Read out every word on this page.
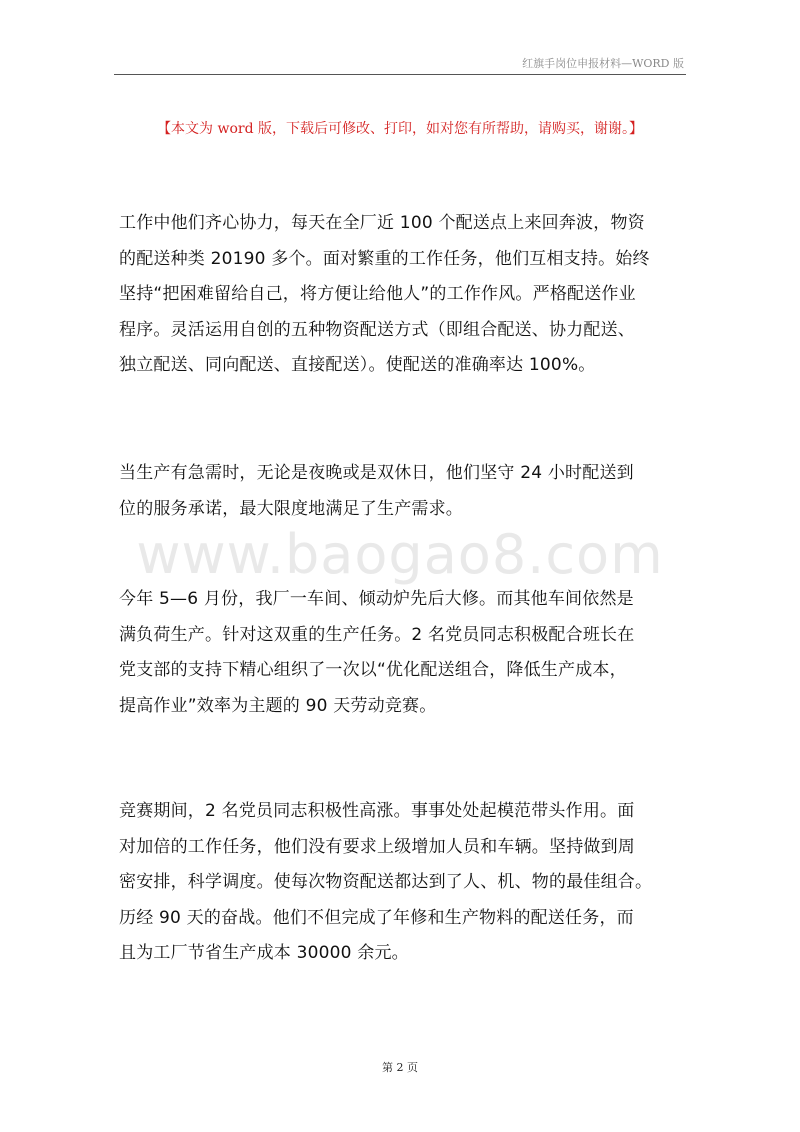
红旗手岗位申报材料—WORD 版
【本文为 word 版，下载后可修改、打印，如对您有所帮助，请购买，谢谢。】
www.baogao8.com
工作中他们齐心协力，每天在全厂近 100 个配送点上来回奔波，物资
的配送种类 20190 多个。面对繁重的工作任务，他们互相支持。始终
坚持“把困难留给自己，将方便让给他人”的工作作风。严格配送作业
程序。灵活运用自创的五种物资配送方式（即组合配送、协力配送、
独立配送、同向配送、直接配送）。使配送的准确率达 100%。
当生产有急需时，无论是夜晚或是双休日，他们坚守 24 小时配送到
位的服务承诺，最大限度地满足了生产需求。
今年 5—6 月份，我厂一车间、倾动炉先后大修。而其他车间依然是
满负荷生产。针对这双重的生产任务。2 名党员同志积极配合班长在
党支部的支持下精心组织了一次以“优化配送组合，降低生产成本，
提高作业”效率为主题的 90 天劳动竞赛。
竞赛期间，2 名党员同志积极性高涨。事事处处起模范带头作用。面
对加倍的工作任务，他们没有要求上级增加人员和车辆。坚持做到周
密安排，科学调度。使每次物资配送都达到了人、机、物的最佳组合。
历经 90 天的奋战。他们不但完成了年修和生产物料的配送任务，而
且为工厂节省生产成本 30000 余元。
第 2 页
